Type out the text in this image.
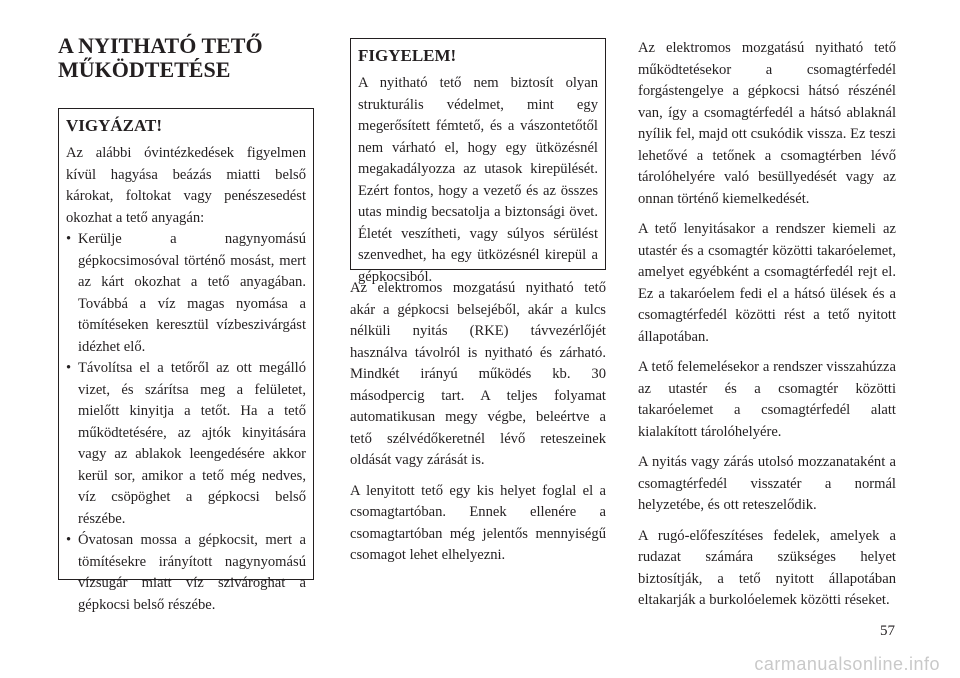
A NYITHATÓ TETŐ
MŰKÖDTETÉSE
VIGYÁZAT!

Az alábbi óvintézkedések figyelmen kívül hagyása beázás miatti belső károkat, foltokat vagy penészesedést okozhat a tető anyagán:

• Kerülje a nagynyomású gépkocsimosóval történő mosást, mert az kárt okozhat a tető anyagában. Továbbá a víz magas nyomása a tömítéseken keresztül vízbeszivárgást idézhet elő.
• Távolítsa el a tetőről az ott megálló vizet, és szárítsa meg a felületet, mielőtt kinyitja a tetőt. Ha a tető működtetésére, az ajtók kinyitására vagy az ablakok leengedésére akkor kerül sor, amikor a tető még nedves, víz csöpöghet a gépkocsi belső részébe.
• Óvatosan mossa a gépkocsit, mert a tömítésekre irányított nagynyomású vízsugár miatt víz szivároghat a gépkocsi belső részébe.
FIGYELEM!

A nyitható tető nem biztosít olyan strukturális védelmet, mint egy megerősített fémtető, és a vászontetőtől nem várható el, hogy egy ütközésnél megakadályozza az utasok kirepülését. Ezért fontos, hogy a vezető és az összes utas mindig becsatolja a biztonsági övet. Életét veszítheti, vagy súlyos sérülést szenvedhet, ha egy ütközésnél kirepül a gépkocsiból.

Az elektromos mozgatású nyitható tető akár a gépkocsi belsejéből, akár a kulcs nélküli nyitás (RKE) távvezérlőjét használva távolról is nyitható és zárható. Mindkét irányú működés kb. 30 másodpercig tart. A teljes folyamat automatikusan megy végbe, beleértve a tető szélvédőkeretnél lévő reteszeinek oldását vagy zárását is.

A lenyitott tető egy kis helyet foglal el a csomagtartóban. Ennek ellenére a csomagtartóban még jelentős mennyiségű csomagot lehet elhelyezni.

Az elektromos mozgatású nyitható tető működtetésekor a csomagtérfedél forgástengelye a gépkocsi hátsó részénél van, így a csomagtérfedél a hátsó ablaknál nyílik fel, majd ott csukódik vissza. Ez teszi lehetővé a tetőnek a csomagtérben lévő tárolóhelyére való besüllyedését vagy az onnan történő kiemelkedését.

A tető lenyitásakor a rendszer kiemeli az utastér és a csomagtér közötti takaróelemet, amelyet egyébként a csomagtérfedél rejt el. Ez a takaróelem fedi el a hátsó ülések és a csomagtérfedél közötti rést a tető nyitott állapotában.

A tető felemelésekor a rendszer visszahúzza az utastér és a csomagtér közötti takaróelemet a csomagtérfedél alatt kialakított tárolóhelyére.

A nyitás vagy zárás utolsó mozzanataként a csomagtérfedél visszatér a normál helyzetébe, és ott reteszelődik.

A rugó-előfeszítéses fedelek, amelyek a rudazat számára szükséges helyet biztosítják, a tető nyitott állapotában eltakarják a burkolóelemek közötti réseket.

57
carmanualsonline.info
